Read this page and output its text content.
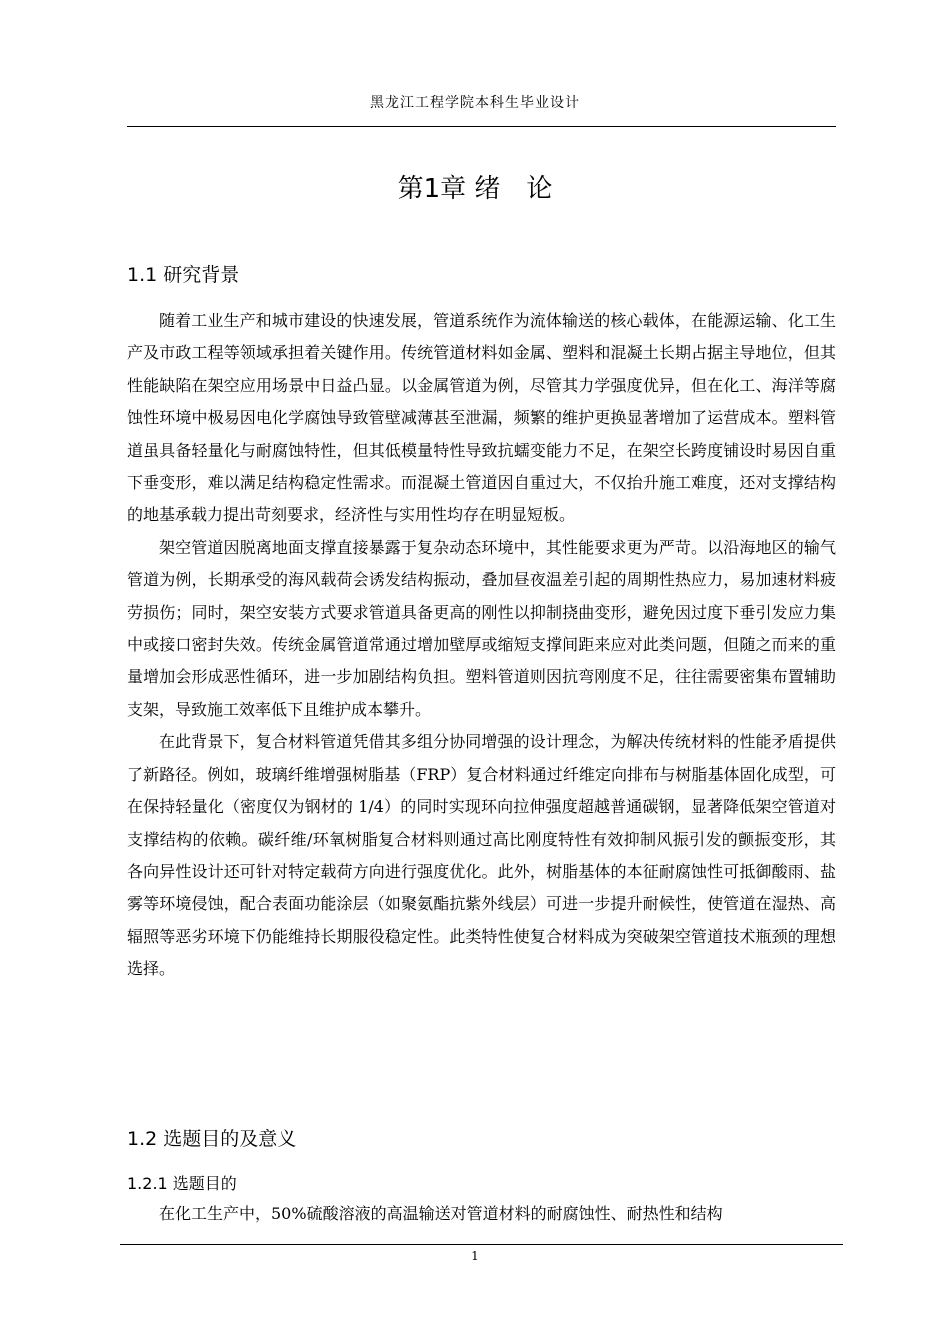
黑龙江工程学院本科生毕业设计
第1章 绪　论
1.1 研究背景

随着工业生产和城市建设的快速发展，管道系统作为流体输送的核心载体，在能源运输、化工生产及市政工程等领域承担着关键作用。传统管道材料如金属、塑料和混凝土长期占据主导地位，但其性能缺陷在架空应用场景中日益凸显。以金属管道为例，尽管其力学强度优异，但在化工、海洋等腐蚀性环境中极易因电化学腐蚀导致管壁减薄甚至泄漏，频繁的维护更换显著增加了运营成本。塑料管道虽具备轻量化与耐腐蚀特性，但其低模量特性导致抗蠕变能力不足，在架空长跨度铺设时易因自重下垂变形，难以满足结构稳定性需求。而混凝土管道因自重过大，不仅抬升施工难度，还对支撑结构的地基承载力提出苛刻要求，经济性与实用性均存在明显短板。

架空管道因脱离地面支撑直接暴露于复杂动态环境中，其性能要求更为严苛。以沿海地区的输气管道为例，长期承受的海风载荷会诱发结构振动，叠加昼夜温差引起的周期性热应力，易加速材料疲劳损伤；同时，架空安装方式要求管道具备更高的刚性以抑制挠曲变形，避免因过度下垂引发应力集中或接口密封失效。传统金属管道常通过增加壁厚或缩短支撑间距来应对此类问题，但随之而来的重量增加会形成恶性循环，进一步加剧结构负担。塑料管道则因抗弯刚度不足，往往需要密集布置辅助支架，导致施工效率低下且维护成本攀升。

在此背景下，复合材料管道凭借其多组分协同增强的设计理念，为解决传统材料的性能矛盾提供了新路径。例如，玻璃纤维增强树脂基（FRP）复合材料通过纤维定向排布与树脂基体固化成型，可在保持轻量化（密度仅为钢材的 1/4）的同时实现环向拉伸强度超越普通碳钢，显著降低架空管道对支撑结构的依赖。碳纤维/环氧树脂复合材料则通过高比刚度特性有效抑制风振引发的颤振变形，其各向异性设计还可针对特定载荷方向进行强度优化。此外，树脂基体的本征耐腐蚀性可抵御酸雨、盐雾等环境侵蚀，配合表面功能涂层（如聚氨酯抗紫外线层）可进一步提升耐候性，使管道在湿热、高辐照等恶劣环境下仍能维持长期服役稳定性。此类特性使复合材料成为突破架空管道技术瓶颈的理想选择。

1.2 选题目的及意义
1.2.1 选题目的

在化工生产中，50%硫酸溶液的高温输送对管道材料的耐腐蚀性、耐热性和结构

1
